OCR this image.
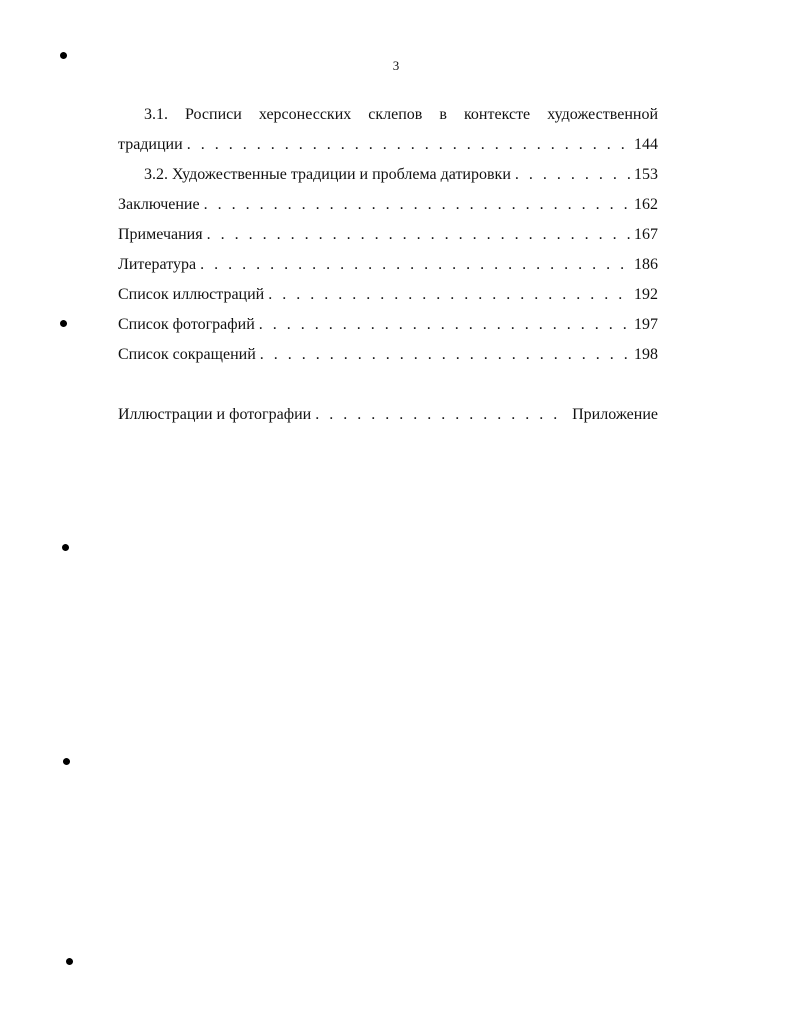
3
3.1. Росписи херсонесских склепов в контексте художественной
традиции . . .	144
3.2. Художественные традиции и проблема датировки . . .	153
Заключение . . .	162
Примечания . . .	167
Литература . . .	186
Список иллюстраций . . .	192
Список фотографий . . .	197
Список сокращений . . .	198
Иллюстрации и фотографии . . .	Приложение
